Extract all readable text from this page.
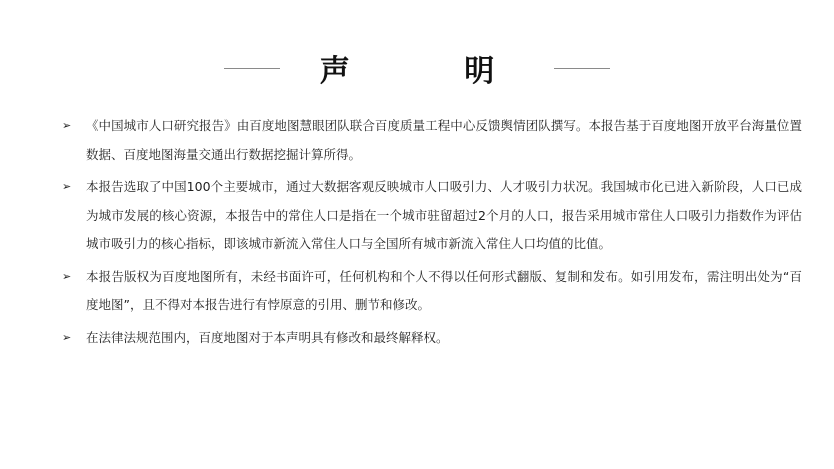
声 明
➢ 《中国城市人口研究报告》由百度地图慧眼团队联合百度质量工程中心反馈舆情团队撰写。本报告基于百度地图开放平台海量位置数据、百度地图海量交通出行数据挖掘计算所得。
➢ 本报告选取了中国100个主要城市，通过大数据客观反映城市人口吸引力、人才吸引力状况。我国城市化已进入新阶段，人口已成为城市发展的核心资源，本报告中的常住人口是指在一个城市驻留超过2个月的人口，报告采用城市常住人口吸引力指数作为评估城市吸引力的核心指标，即该城市新流入常住人口与全国所有城市新流入常住人口均值的比值。
➢ 本报告版权为百度地图所有，未经书面许可，任何机构和个人不得以任何形式翻版、复制和发布。如引用发布，需注明出处为“百度地图”，且不得对本报告进行有悖原意的引用、删节和修改。
➢ 在法律法规范围内，百度地图对于本声明具有修改和最终解释权。
